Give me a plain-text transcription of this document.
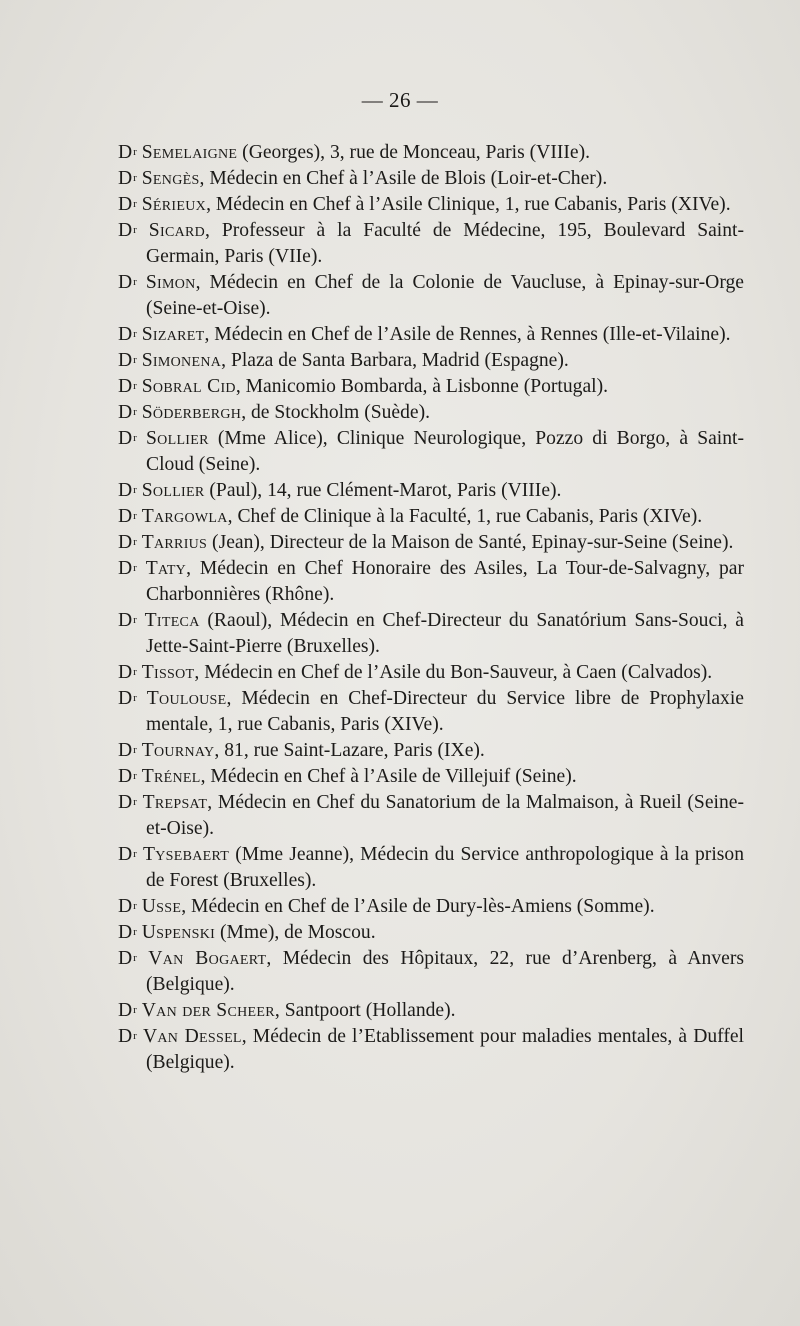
— 26 —

$D^r$ Semelaigne (Georges), 3, rue de Monceau, Paris (VIIIe).

$D^r$ Sengès, Médecin en Chef à l’Asile de Blois (Loir-et-Cher).

$D^r$ Sérieux, Médecin en Chef à l’Asile Clinique, 1, rue Cabanis, Paris (XIVe).

$D^r$ Sicard, Professeur à la Faculté de Médecine, 195, Boulevard Saint-Germain, Paris (VIIe).

$D^r$ Simon, Médecin en Chef de la Colonie de Vaucluse, à Epinay-sur-Orge (Seine-et-Oise).

$D^r$ Sizaret, Médecin en Chef de l’Asile de Rennes, à Rennes (Ille-et-Vilaine).

$D^r$ Simonena, Plaza de Santa Barbara, Madrid (Espagne).

$D^r$ Sobral Cid, Manicomio Bombarda, à Lisbonne (Portugal).

$D^r$ Söderbergh, de Stockholm (Suède).

$D^r$ Sollier (Mme Alice), Clinique Neurologique, Pozzo di Borgo, à Saint-Cloud (Seine).

$D^r$ Sollier (Paul), 14, rue Clément-Marot, Paris (VIIIe).

$D^r$ Targowla, Chef de Clinique à la Faculté, 1, rue Cabanis, Paris (XIVe).

$D^r$ Tarrius (Jean), Directeur de la Maison de Santé, Epinay-sur-Seine (Seine).

$D^r$ Taty, Médecin en Chef Honoraire des Asiles, La Tour-de-Salvagny, par Charbonnières (Rhône).

$D^r$ Titeca (Raoul), Médecin en Chef-Directeur du Sanatórium Sans-Souci, à Jette-Saint-Pierre (Bruxelles).

$D^r$ Tissot, Médecin en Chef de l’Asile du Bon-Sauveur, à Caen (Calvados).

$D^r$ Toulouse, Médecin en Chef-Directeur du Service libre de Prophylaxie mentale, 1, rue Cabanis, Paris (XIVe).

$D^r$ Tournay, 81, rue Saint-Lazare, Paris (IXe).

$D^r$ Trénel, Médecin en Chef à l’Asile de Villejuif (Seine).

$D^r$ Trepsat, Médecin en Chef du Sanatorium de la Malmaison, à Rueil (Seine-et-Oise).

$D^r$ Tysebaert (Mme Jeanne), Médecin du Service anthropologique à la prison de Forest (Bruxelles).

$D^r$ Usse, Médecin en Chef de l’Asile de Dury-lès-Amiens (Somme).

$D^r$ Uspenski (Mme), de Moscou.

$D^r$ Van Bogaert, Médecin des Hôpitaux, 22, rue d’Arenberg, à Anvers (Belgique).

$D^r$ Van der Scheer, Santpoort (Hollande).

$D^r$ Van Dessel, Médecin de l’Etablissement pour maladies mentales, à Duffel (Belgique).
